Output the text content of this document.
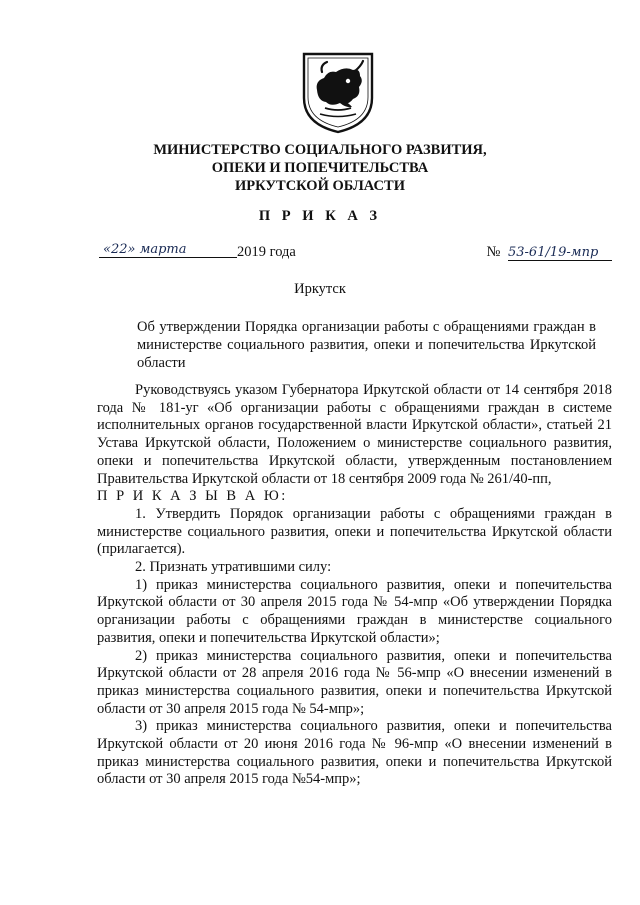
МИНИСТЕРСТВО СОЦИАЛЬНОГО РАЗВИТИЯ,
ОПЕКИ И ПОПЕЧИТЕЛЬСТВА
ИРКУТСКОЙ ОБЛАСТИ
П Р И К А З
«22» марта	2019 года	№ 53-61/19-мпр
Иркутск
Об утверждении Порядка организации работы с обращениями граждан в министерстве социального развития, опеки и попечительства Иркутской области

Руководствуясь указом Губернатора Иркутской области от 14 сентября 2018 года № 181-уг «Об организации работы с обращениями граждан в системе исполнительных органов государственной власти Иркутской области», статьей 21 Устава Иркутской области, Положением о министерстве социального развития, опеки и попечительства Иркутской области, утвержденным постановлением Правительства Иркутской области от 18 сентября 2009 года № 261/40-пп,

П Р И К А З Ы В А Ю:

1. Утвердить Порядок организации работы с обращениями граждан в министерстве социального развития, опеки и попечительства Иркутской области (прилагается).

2. Признать утратившими силу:

1) приказ министерства социального развития, опеки и попечительства Иркутской области от 30 апреля 2015 года № 54-мпр «Об утверждении Порядка организации работы с обращениями граждан в министерстве социального развития, опеки и попечительства Иркутской области»;

2) приказ министерства социального развития, опеки и попечительства Иркутской области от 28 апреля 2016 года № 56-мпр «О внесении изменений в приказ министерства социального развития, опеки и попечительства Иркутской области от 30 апреля 2015 года № 54-мпр»;

3) приказ министерства социального развития, опеки и попечительства Иркутской области от 20 июня 2016 года № 96-мпр «О внесении изменений в приказ министерства социального развития, опеки и попечительства Иркутской области от 30 апреля 2015 года №54-мпр»;
